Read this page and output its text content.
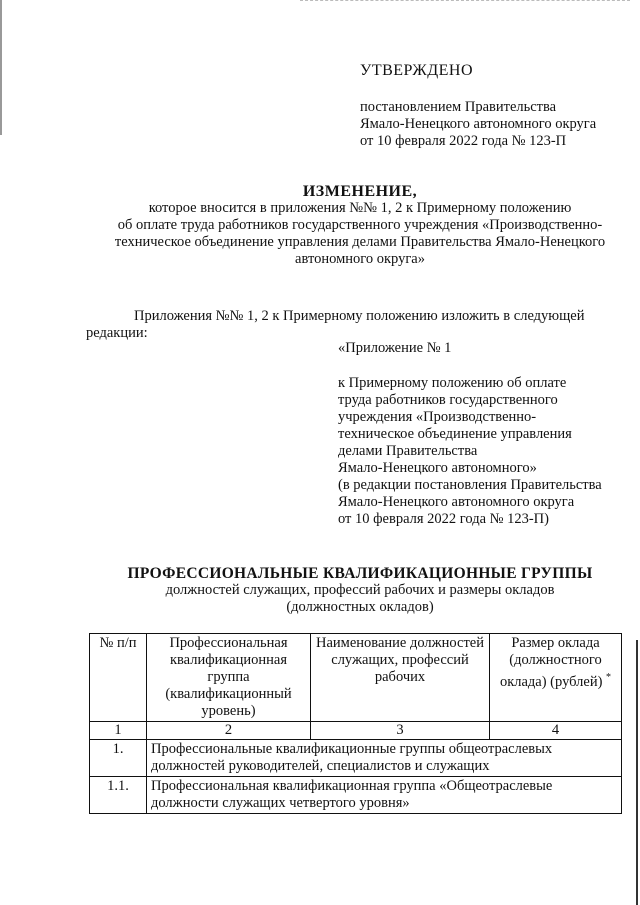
УТВЕРЖДЕНО
постановлением Правительства
Ямало-Ненецкого автономного округа
от 10 февраля 2022 года № 123-П
ИЗМЕНЕНИЕ,
которое вносится в приложения №№ 1, 2 к Примерному положению
об оплате труда работников государственного учреждения «Производственно-
техническое объединение управления делами Правительства Ямало-Ненецкого
автономного округа»
Приложения №№ 1, 2 к Примерному положению изложить в следующей
редакции:
«Приложение № 1
к Примерному положению об оплате
труда работников государственного
учреждения «Производственно-
техническое объединение управления
делами Правительства
Ямало-Ненецкого автономного»
(в редакции постановления Правительства
Ямало-Ненецкого автономного округа
от 10 февраля 2022 года № 123-П)
ПРОФЕССИОНАЛЬНЫЕ КВАЛИФИКАЦИОННЫЕ ГРУППЫ
должностей служащих, профессий рабочих и размеры окладов
(должностных окладов)
№ п/п	Профессиональная квалификационная группа (квалификационный уровень)	Наименование должностей служащих, профессий рабочих	Размер оклада (должностного оклада) (рублей) *
1	2	3	4
1.	Профессиональные квалификационные группы общеотраслевых должностей руководителей, специалистов и служащих		
1.1.	Профессиональная квалификационная группа «Общеотраслевые должности служащих четвертого уровня»		
